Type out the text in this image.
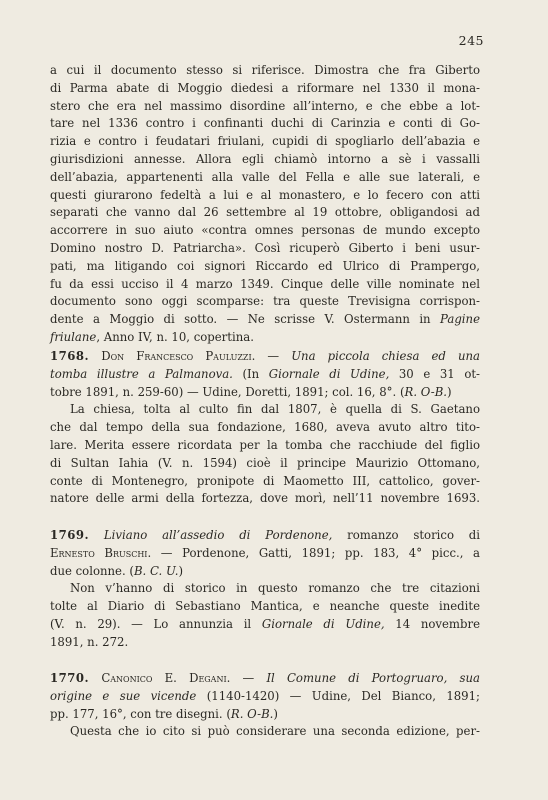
245
a cui il documento stesso si riferisce. Dimostra che fra Giberto
di Parma abate di Moggio diedesi a riformare nel 1330 il mona-
stero che era nel massimo disordine all’interno, e che ebbe a lot-
tare nel 1336 contro i confinanti duchi di Carinzia e conti di Go-
rizia e contro i feudatari friulani, cupidi di spogliarlo dell’abazia e
giurisdizioni annesse. Allora egli chiamò intorno a sè i vassalli
dell’abazia, appartenenti alla valle del Fella e alle sue laterali, e
questi giurarono fedeltà a lui e al monastero, e lo fecero con atti
separati che vanno dal 26 settembre al 19 ottobre, obligandosi ad
accorrere in suo aiuto «contra omnes personas de mundo excepto
Domino nostro D. Patriarcha». Così ricuperò Giberto i beni usur-
pati, ma litigando coi signori Riccardo ed Ulrico di Prampergo,
fu da essi ucciso il 4 marzo 1349. Cinque delle ville nominate nel
documento sono oggi scomparse: tra queste Trevisigna corrispon-
dente a Moggio di sotto. — Ne scrisse V. Ostermann in Pagine
friulane, Anno IV, n. 10, copertina.
1768. Don Francesco Pauluzzi. — Una piccola chiesa ed una
tomba illustre a Palmanova. (In Giornale di Udine, 30 e 31 ot-
tobre 1891, n. 259-60) — Udine, Doretti, 1891; col. 16, 8°. (R. O-B.)
La chiesa, tolta al culto fin dal 1807, è quella di S. Gaetano
che dal tempo della sua fondazione, 1680, aveva avuto altro tito-
lare. Merita essere ricordata per la tomba che racchiude del figlio
di Sultan Iahia (V. n. 1594) cioè il principe Maurizio Ottomano,
conte di Montenegro, pronipote di Maometto III, cattolico, gover-
natore delle armi della fortezza, dove morì, nell’11 novembre 1693.
1769. Liviano all’assedio di Pordenone, romanzo storico di
Ernesto Bruschi. — Pordenone, Gatti, 1891; pp. 183, 4° picc., a
due colonne. (B. C. U.)
Non v’hanno di storico in questo romanzo che tre citazioni
tolte al Diario di Sebastiano Mantica, e neanche queste inedite
(V. n. 29). — Lo annunzia il Giornale di Udine, 14 novembre
1891, n. 272.
1770. Canonico E. Degani. — Il Comune di Portogruaro, sua
origine e sue vicende (1140-1420) — Udine, Del Bianco, 1891;
pp. 177, 16°, con tre disegni. (R. O-B.)
Questa che io cito si può considerare una seconda edizione, per-
